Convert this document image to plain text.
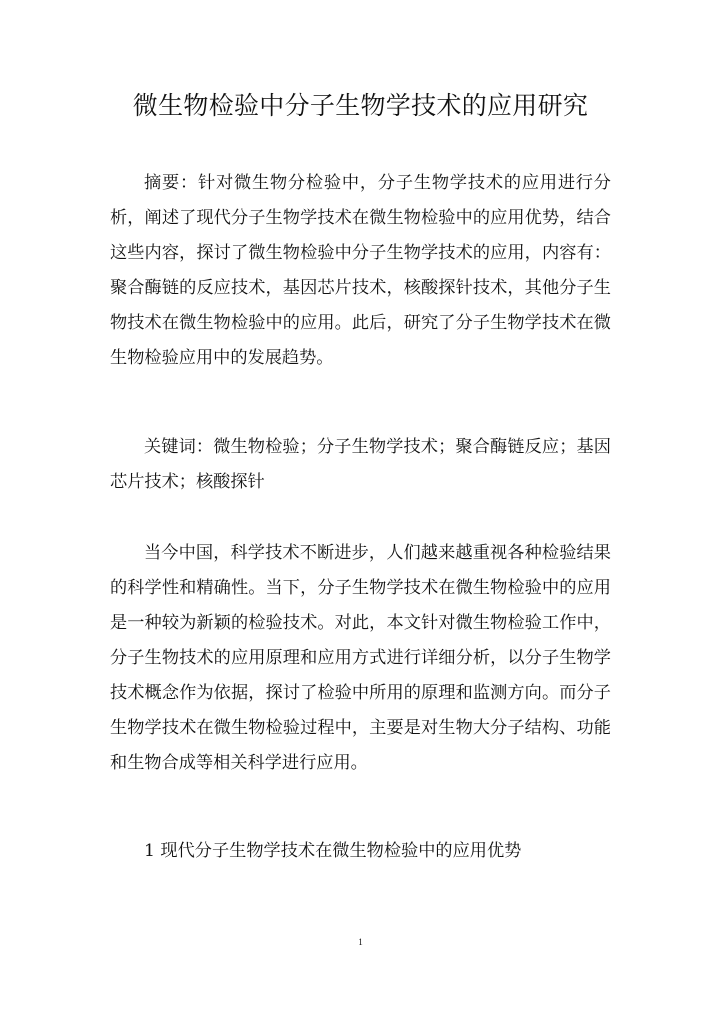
微生物检验中分子生物学技术的应用研究

摘要：针对微生物分检验中，分子生物学技术的应用进行分析，阐述了现代分子生物学技术在微生物检验中的应用优势，结合这些内容，探讨了微生物检验中分子生物学技术的应用，内容有：聚合酶链的反应技术，基因芯片技术，核酸探针技术，其他分子生物技术在微生物检验中的应用。此后，研究了分子生物学技术在微生物检验应用中的发展趋势。

关键词：微生物检验；分子生物学技术；聚合酶链反应；基因芯片技术；核酸探针

当今中国，科学技术不断进步，人们越来越重视各种检验结果的科学性和精确性。当下，分子生物学技术在微生物检验中的应用是一种较为新颖的检验技术。对此，本文针对微生物检验工作中，分子生物技术的应用原理和应用方式进行详细分析，以分子生物学技术概念作为依据，探讨了检验中所用的原理和监测方向。而分子生物学技术在微生物检验过程中，主要是对生物大分子结构、功能和生物合成等相关科学进行应用。

1 现代分子生物学技术在微生物检验中的应用优势

1
